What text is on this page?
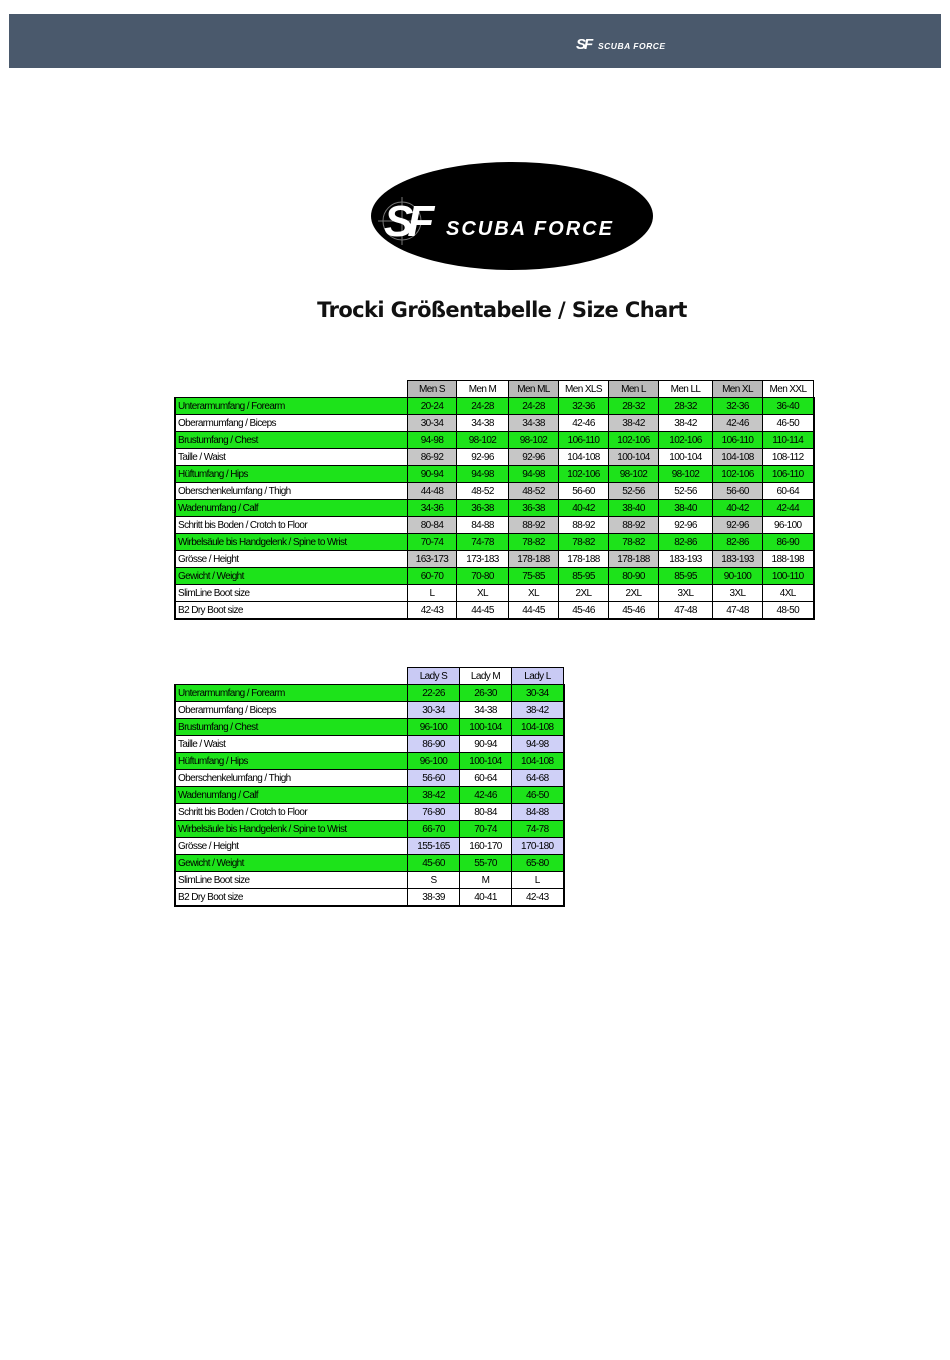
SF SCUBA FORCE
SF SCUBA FORCE
Trocki Größentabelle / Size Chart
	Men S	Men M	Men ML	Men XLS	Men L	Men LL	Men XL	Men XXL
Unterarmumfang / Forearm	20-24	24-28	24-28	32-36	28-32	28-32	32-36	36-40
Oberarmumfang / Biceps	30-34	34-38	34-38	42-46	38-42	38-42	42-46	46-50
Brustumfang / Chest	94-98	98-102	98-102	106-110	102-106	102-106	106-110	110-114
Taille / Waist	86-92	92-96	92-96	104-108	100-104	100-104	104-108	108-112
Hüftumfang / Hips	90-94	94-98	94-98	102-106	98-102	98-102	102-106	106-110
Oberschenkelumfang / Thigh	44-48	48-52	48-52	56-60	52-56	52-56	56-60	60-64
Wadenumfang / Calf	34-36	36-38	36-38	40-42	38-40	38-40	40-42	42-44
Schritt bis Boden / Crotch to Floor	80-84	84-88	88-92	88-92	88-92	92-96	92-96	96-100
Wirbelsäule bis Handgelenk / Spine to Wrist	70-74	74-78	78-82	78-82	78-82	82-86	82-86	86-90
Grösse / Height	163-173	173-183	178-188	178-188	178-188	183-193	183-193	188-198
Gewicht / Weight	60-70	70-80	75-85	85-95	80-90	85-95	90-100	100-110
SlimLine Boot size	L	XL	XL	2XL	2XL	3XL	3XL	4XL
B2 Dry Boot size	42-43	44-45	44-45	45-46	45-46	47-48	47-48	48-50
	Lady S	Lady M	Lady L
Unterarmumfang / Forearm	22-26	26-30	30-34
Oberarmumfang / Biceps	30-34	34-38	38-42
Brustumfang / Chest	96-100	100-104	104-108
Taille / Waist	86-90	90-94	94-98
Hüftumfang / Hips	96-100	100-104	104-108
Oberschenkelumfang / Thigh	56-60	60-64	64-68
Wadenumfang / Calf	38-42	42-46	46-50
Schritt bis Boden / Crotch to Floor	76-80	80-84	84-88
Wirbelsäule bis Handgelenk / Spine to Wrist	66-70	70-74	74-78
Grösse / Height	155-165	160-170	170-180
Gewicht / Weight	45-60	55-70	65-80
SlimLine Boot size	S	M	L
B2 Dry Boot size	38-39	40-41	42-43
